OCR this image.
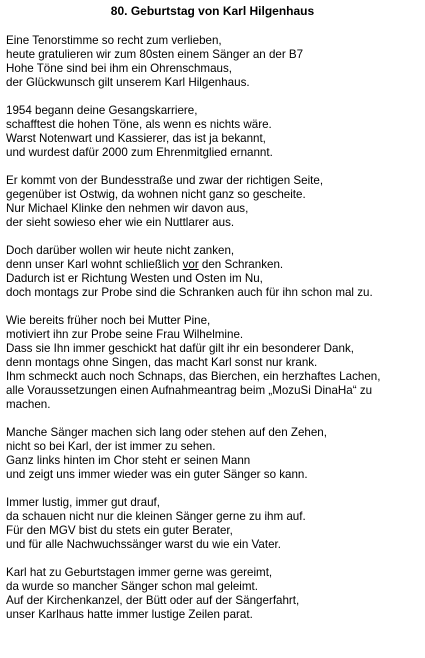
80. Geburtstag von Karl Hilgenhaus
Eine Tenorstimme so recht zum verlieben,
heute gratulieren wir zum 80sten einem Sänger an der B7
Hohe Töne sind bei ihm ein Ohrenschmaus,
der Glückwunsch gilt unserem Karl Hilgenhaus.
1954 begann deine Gesangskarriere,
schafftest die hohen Töne, als wenn es nichts wäre.
Warst Notenwart und Kassierer, das ist ja bekannt,
und wurdest dafür 2000 zum Ehrenmitglied ernannt.
Er kommt von der Bundesstraße und zwar der richtigen Seite,
gegenüber ist Ostwig, da wohnen nicht ganz so gescheite.
Nur Michael Klinke den nehmen wir davon aus,
der sieht sowieso eher wie ein Nuttlarer aus.
Doch darüber wollen wir heute nicht zanken,
denn unser Karl wohnt schließlich vor den Schranken.
Dadurch ist er Richtung Westen und Osten im Nu,
doch montags zur Probe sind die Schranken auch für ihn schon mal zu.
Wie bereits früher noch bei Mutter Pine,
motiviert ihn zur Probe seine Frau Wilhelmine.
Dass sie Ihn immer geschickt hat dafür gilt ihr ein besonderer Dank,
denn montags ohne Singen, das macht Karl sonst nur krank.
Ihm schmeckt auch noch Schnaps, das Bierchen, ein herzhaftes Lachen,
alle Voraussetzungen einen Aufnahmeantrag beim „MozuSi DinaHa“ zu
machen.
Manche Sänger machen sich lang oder stehen auf den Zehen,
nicht so bei Karl, der ist immer zu sehen.
Ganz links hinten im Chor steht er seinen Mann
und zeigt uns immer wieder was ein guter Sänger so kann.
Immer lustig, immer gut drauf,
da schauen nicht nur die kleinen Sänger gerne zu ihm auf.
Für den MGV bist du stets ein guter Berater,
und für alle Nachwuchssänger warst du wie ein Vater.
Karl hat zu Geburtstagen immer gerne was gereimt,
da wurde so mancher Sänger schon mal geleimt.
Auf der Kirchenkanzel, der Bütt oder auf der Sängerfahrt,
unser Karlhaus hatte immer lustige Zeilen parat.
